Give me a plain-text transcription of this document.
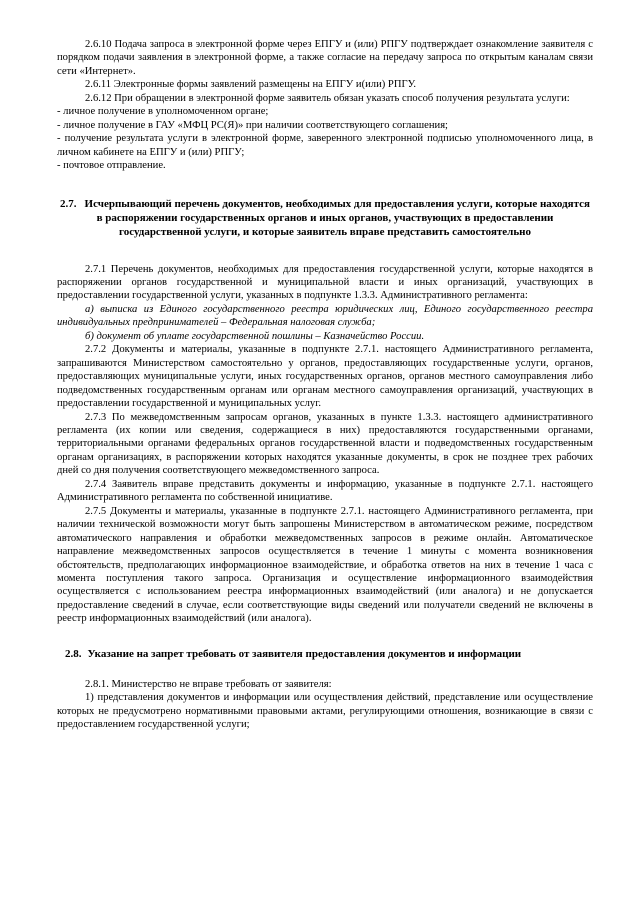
2.6.10 Подача запроса в электронной форме через ЕПГУ и (или) РПГУ подтверждает ознакомление заявителя с порядком подачи заявления в электронной форме, а также согласие на передачу запроса по открытым каналам связи сети «Интернет».

2.6.11 Электронные формы заявлений размещены на ЕПГУ и(или) РПГУ.

2.6.12 При обращении в электронной форме заявитель обязан указать способ получения результата услуги:

- личное получение в уполномоченном органе;

- личное получение в ГАУ «МФЦ РС(Я)» при наличии соответствующего соглашения;

- получение результата услуги в электронной форме, заверенного электронной подписью уполномоченного лица, в личном кабинете на ЕПГУ и (или) РПГУ;

- почтовое отправление.

2.7. Исчерпывающий перечень документов, необходимых для предоставления услуги, которые находятся в распоряжении государственных органов и иных органов, участвующих в предоставлении государственной услуги, и которые заявитель вправе представить самостоятельно

2.7.1 Перечень документов, необходимых для предоставления государственной услуги, которые находятся в распоряжении органов государственной и муниципальной власти и иных организаций, участвующих в предоставлении государственной услуги, указанных в подпункте 1.3.3. Административного регламента:

а) выписка из Единого государственного реестра юридических лиц, Единого государственного реестра индивидуальных предпринимателей – Федеральная налоговая служба;

б) документ об уплате государственной пошлины – Казначейство России.

2.7.2 Документы и материалы, указанные в подпункте 2.7.1. настоящего Административного регламента, запрашиваются Министерством самостоятельно у органов, предоставляющих государственные услуги, органов, предоставляющих муниципальные услуги, иных государственных органов, органов местного самоуправления либо подведомственных государственным органам или органам местного самоуправления организаций, участвующих в предоставлении государственной и муниципальных услуг.

2.7.3 По межведомственным запросам органов, указанных в пункте 1.3.3. настоящего административного регламента (их копии или сведения, содержащиеся в них) предоставляются государственными органами, территориальными органами федеральных органов государственной власти и подведомственных государственным органам организациях, в распоряжении которых находятся указанные документы, в срок не позднее трех рабочих дней со дня получения соответствующего межведомственного запроса.

2.7.4 Заявитель вправе представить документы и информацию, указанные в подпункте 2.7.1. настоящего Административного регламента по собственной инициативе.

2.7.5 Документы и материалы, указанные в подпункте 2.7.1. настоящего Административного регламента, при наличии технической возможности могут быть запрошены Министерством в автоматическом режиме, посредством автоматического направления и обработки межведомственных запросов в режиме онлайн. Автоматическое направление межведомственных запросов осуществляется в течение 1 минуты с момента возникновения обстоятельств, предполагающих информационное взаимодействие, и обработка ответов на них в течение 1 часа с момента поступления такого запроса. Организация и осуществление информационного взаимодействия осуществляется с использованием реестра информационных взаимодействий (или аналога) и не допускается предоставление сведений в случае, если соответствующие виды сведений или получатели сведений не включены в реестр информационных взаимодействий (или аналога).

2.8. Указание на запрет требовать от заявителя предоставления документов и информации

2.8.1. Министерство не вправе требовать от заявителя:

1) представления документов и информации или осуществления действий, представление или осуществление которых не предусмотрено нормативными правовыми актами, регулирующими отношения, возникающие в связи с предоставлением государственной услуги;
